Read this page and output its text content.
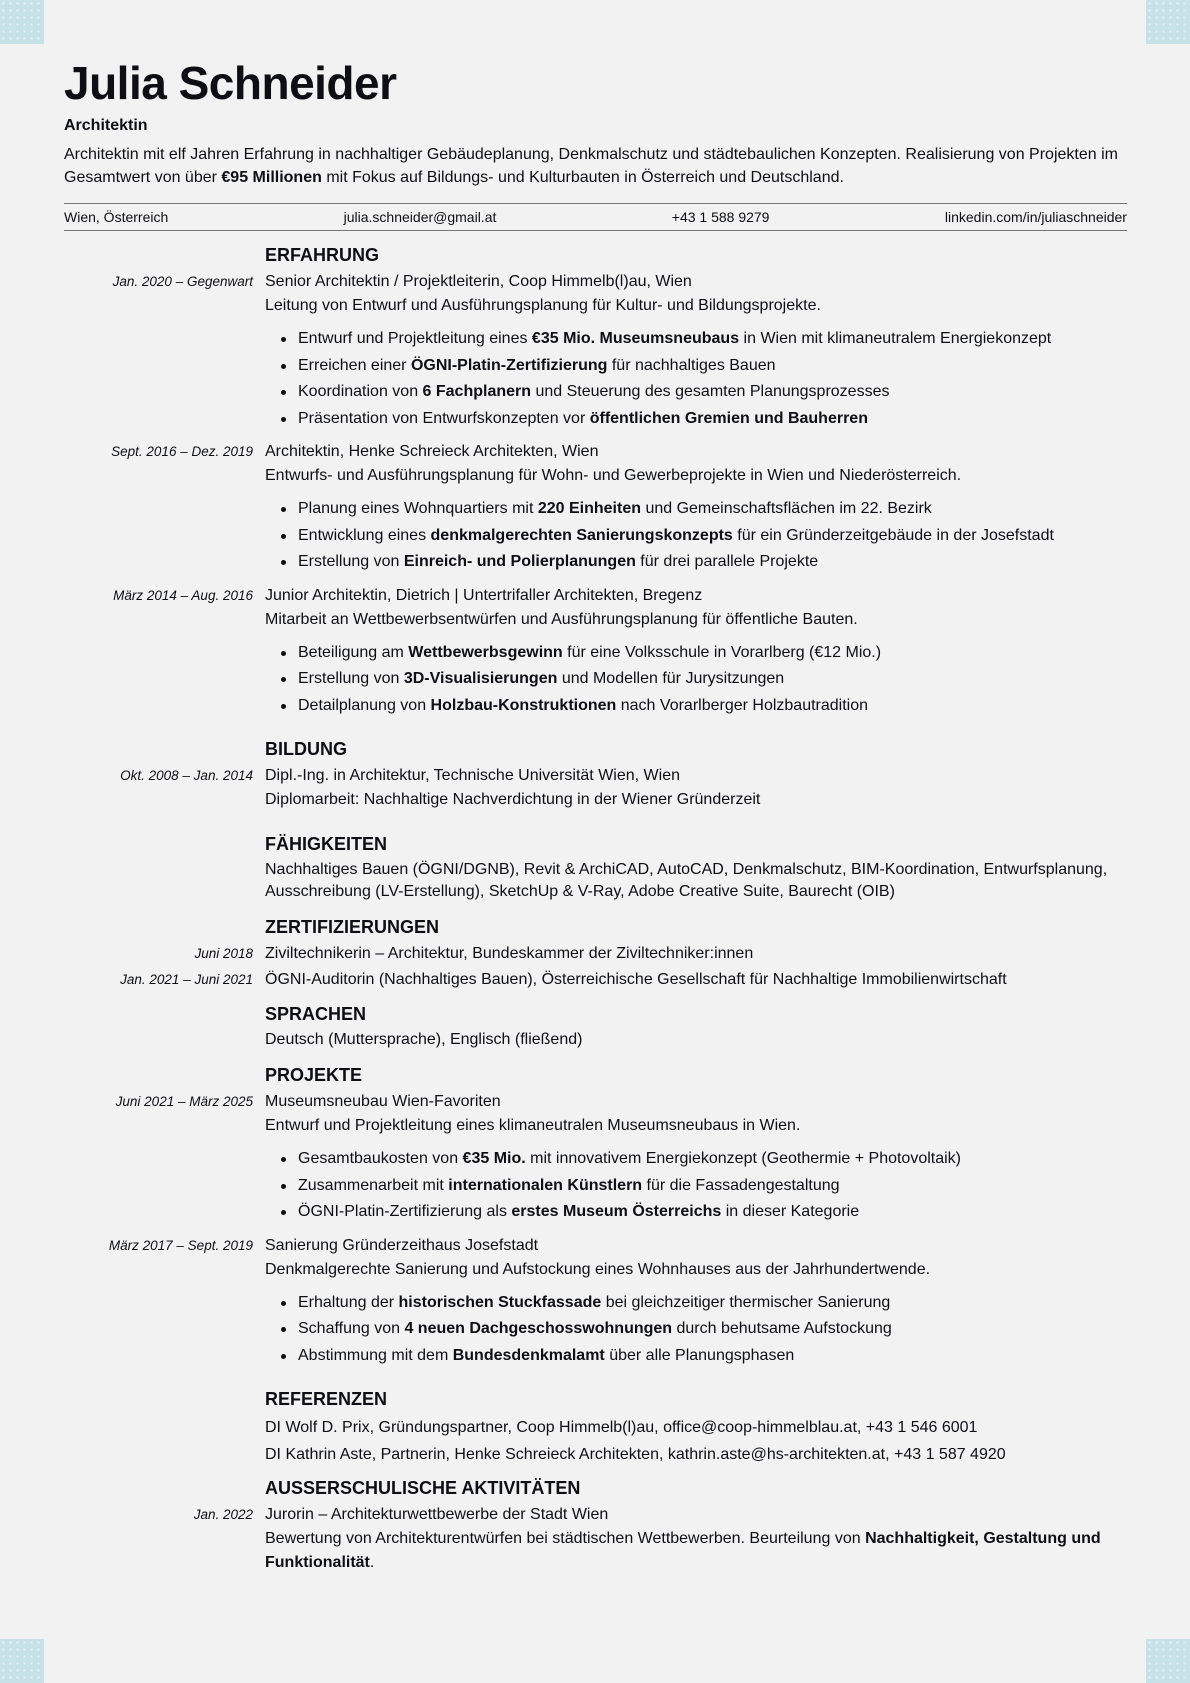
Julia Schneider
Architektin
Architektin mit elf Jahren Erfahrung in nachhaltiger Gebäudeplanung, Denkmalschutz und städtebaulichen Konzepten. Realisierung von Projekten im Gesamtwert von über €95 Millionen mit Fokus auf Bildungs- und Kulturbauten in Österreich und Deutschland.
Wien, Österreich	julia.schneider@gmail.at	+43 1 588 9279	linkedin.com/in/juliaschneider
ERFAHRUNG
Jan. 2020 – Gegenwart Senior Architektin / Projektleiterin, Coop Himmelb(l)au, Wien
Leitung von Entwurf und Ausführungsplanung für Kultur- und Bildungsprojekte.
Entwurf und Projektleitung eines €35 Mio. Museumsneubaus in Wien mit klimaneutralem Energiekonzept
Erreichen einer ÖGNI-Platin-Zertifizierung für nachhaltiges Bauen
Koordination von 6 Fachplanern und Steuerung des gesamten Planungsprozesses
Präsentation von Entwurfskonzepten vor öffentlichen Gremien und Bauherren
Sept. 2016 – Dez. 2019 Architektin, Henke Schreieck Architekten, Wien
Entwurfs- und Ausführungsplanung für Wohn- und Gewerbeprojekte in Wien und Niederösterreich.
Planung eines Wohnquartiers mit 220 Einheiten und Gemeinschaftsflächen im 22. Bezirk
Entwicklung eines denkmalgerechten Sanierungskonzepts für ein Gründerzeitgebäude in der Josefstadt
Erstellung von Einreich- und Polierplanungen für drei parallele Projekte
März 2014 – Aug. 2016 Junior Architektin, Dietrich | Untertrifaller Architekten, Bregenz
Mitarbeit an Wettbewerbsentwürfen und Ausführungsplanung für öffentliche Bauten.
Beteiligung am Wettbewerbsgewinn für eine Volksschule in Vorarlberg (€12 Mio.)
Erstellung von 3D-Visualisierungen und Modellen für Jurysitzungen
Detailplanung von Holzbau-Konstruktionen nach Vorarlberger Holzbautradition
BILDUNG
Okt. 2008 – Jan. 2014 Dipl.-Ing. in Architektur, Technische Universität Wien, Wien
Diplomarbeit: Nachhaltige Nachverdichtung in der Wiener Gründerzeit
FÄHIGKEITEN
Nachhaltiges Bauen (ÖGNI/DGNB), Revit & ArchiCAD, AutoCAD, Denkmalschutz, BIM-Koordination, Entwurfsplanung, Ausschreibung (LV-Erstellung), SketchUp & V-Ray, Adobe Creative Suite, Baurecht (OIB)
ZERTIFIZIERUNGEN
Juni 2018 Ziviltechnikerin – Architektur, Bundeskammer der Ziviltechniker:innen
Jan. 2021 – Juni 2021 ÖGNI-Auditorin (Nachhaltiges Bauen), Österreichische Gesellschaft für Nachhaltige Immobilienwirtschaft
SPRACHEN
Deutsch (Muttersprache), Englisch (fließend)
PROJEKTE
Juni 2021 – März 2025 Museumsneubau Wien-Favoriten
Entwurf und Projektleitung eines klimaneutralen Museumsneubaus in Wien.
Gesamtbaukosten von €35 Mio. mit innovativem Energiekonzept (Geothermie + Photovoltaik)
Zusammenarbeit mit internationalen Künstlern für die Fassadengestaltung
ÖGNI-Platin-Zertifizierung als erstes Museum Österreichs in dieser Kategorie
März 2017 – Sept. 2019 Sanierung Gründerzeithaus Josefstadt
Denkmalgerechte Sanierung und Aufstockung eines Wohnhauses aus der Jahrhundertwende.
Erhaltung der historischen Stuckfassade bei gleichzeitiger thermischer Sanierung
Schaffung von 4 neuen Dachgeschosswohnungen durch behutsame Aufstockung
Abstimmung mit dem Bundesdenkmalamt über alle Planungsphasen
REFERENZEN
DI Wolf D. Prix, Gründungspartner, Coop Himmelb(l)au, office@coop-himmelblau.at, +43 1 546 6001
DI Kathrin Aste, Partnerin, Henke Schreieck Architekten, kathrin.aste@hs-architekten.at, +43 1 587 4920
AUSSERSCHULISCHE AKTIVITÄTEN
Jan. 2022 Jurorin – Architekturwettbewerbe der Stadt Wien
Bewertung von Architekturentwürfen bei städtischen Wettbewerben. Beurteilung von Nachhaltigkeit, Gestaltung und Funktionalität.
